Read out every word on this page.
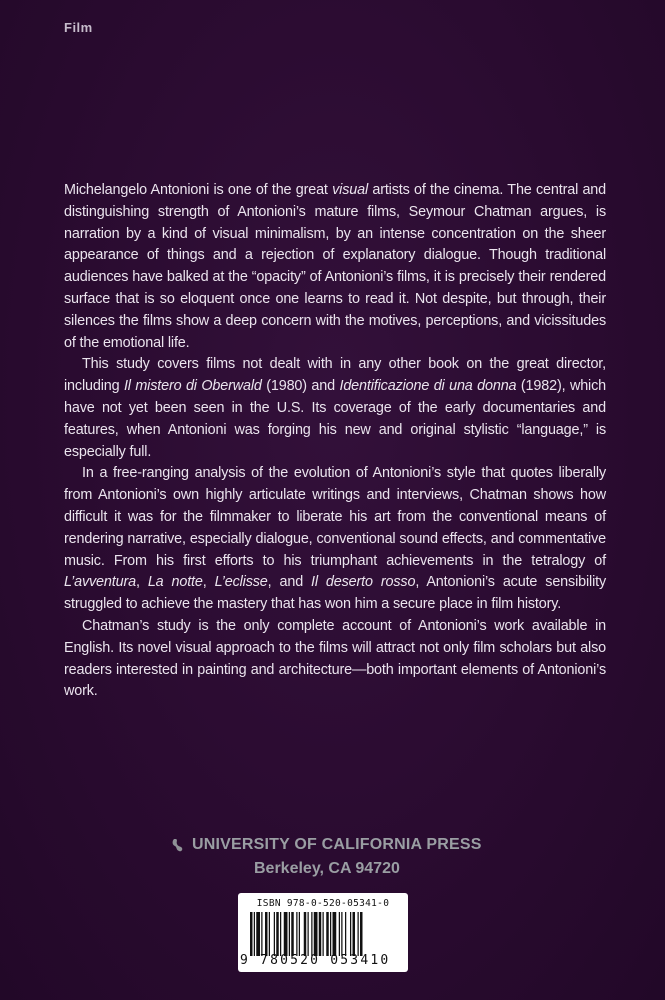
Film

Michelangelo Antonioni is one of the great visual artists of the cinema. The central and distinguishing strength of Antonioni’s mature films, Seymour Chatman argues, is narration by a kind of visual minimalism, by an intense concentration on the sheer appearance of things and a rejection of explanatory dialogue. Though traditional audiences have balked at the “opacity” of Antonioni’s films, it is precisely their rendered surface that is so eloquent once one learns to read it. Not despite, but through, their silences the films show a deep concern with the motives, perceptions, and vicissitudes of the emotional life.

This study covers films not dealt with in any other book on the great director, including Il mistero di Oberwald (1980) and Identificazione di una donna (1982), which have not yet been seen in the U.S. Its coverage of the early documentaries and features, when Antonioni was forging his new and original stylistic “language,” is especially full.

In a free-ranging analysis of the evolution of Antonioni’s style that quotes liberally from Antonioni’s own highly articulate writings and interviews, Chatman shows how difficult it was for the filmmaker to liberate his art from the conventional means of rendering narrative, especially dialogue, conventional sound effects, and commentative music. From his first efforts to his triumphant achievements in the tetralogy of L’avventura, La notte, L’eclisse, and Il deserto rosso, Antonioni’s acute sensibility struggled to achieve the mastery that has won him a secure place in film history.

Chatman’s study is the only complete account of Antonioni’s work available in English. Its novel visual approach to the films will attract not only film scholars but also readers interested in painting and architecture—both important elements of Antonioni’s work.

UNIVERSITY OF CALIFORNIA PRESS
Berkeley, CA 94720
ISBN 978-0-520-05341-0
9 780520 053410
